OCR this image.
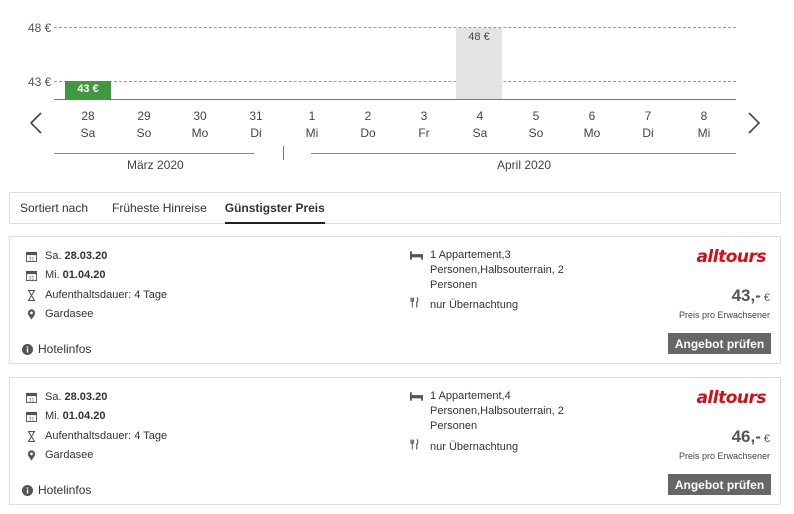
48 €
43 €
48 €
43 €
28
Sa
29
So
30
Mo
31
Di
1
Mi
2
Do
3
Fr
4
Sa
5
So
6
Mo
7
Di
8
Mi
März 2020	April 2020
Sortiert nach Früheste Hinreise Günstigster Preis
31 Sa. 28.03.20
31 Mi. 01.04.20
Aufenthaltsdauer: 4 Tage
Gardasee
1 Appartement,3 Personen,Halbsouterrain, 2 Personen
nur Übernachtung
alltours
43,- €
Preis pro Erwachsener
Angebot prüfen
Hotelinfos
31 Sa. 28.03.20
31 Mi. 01.04.20
Aufenthaltsdauer: 4 Tage
Gardasee
1 Appartement,4 Personen,Halbsouterrain, 2 Personen
nur Übernachtung
alltours
46,- €
Preis pro Erwachsener
Angebot prüfen
Hotelinfos
